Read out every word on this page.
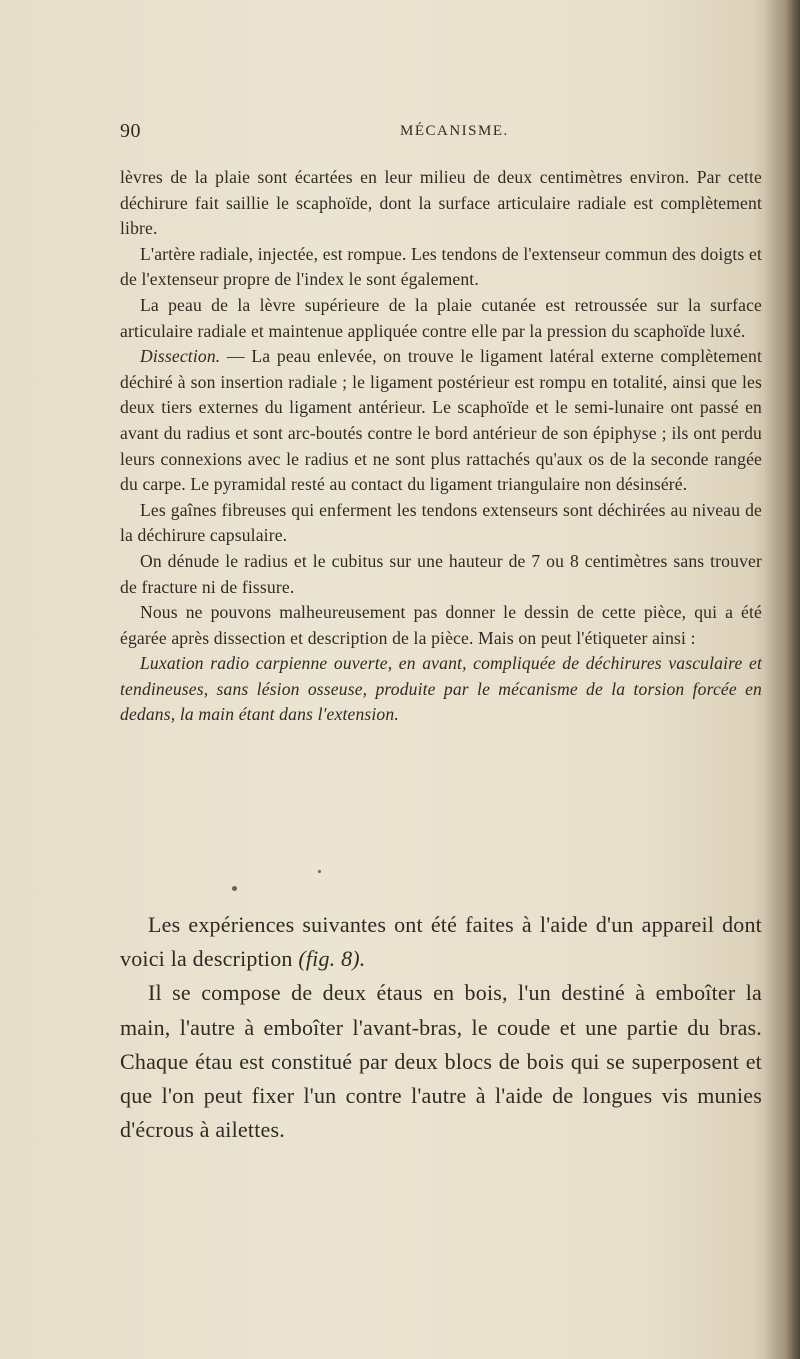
90	MÉCANISME.

lèvres de la plaie sont écartées en leur milieu de deux centimètres environ. Par cette déchirure fait saillie le scaphoïde, dont la surface articulaire radiale est complètement libre.

L'artère radiale, injectée, est rompue. Les tendons de l'extenseur commun des doigts et de l'extenseur propre de l'index le sont également.

La peau de la lèvre supérieure de la plaie cutanée est retroussée sur la surface articulaire radiale et maintenue appliquée contre elle par la pression du scaphoïde luxé.

Dissection. — La peau enlevée, on trouve le ligament latéral externe complètement déchiré à son insertion radiale ; le ligament postérieur est rompu en totalité, ainsi que les deux tiers externes du ligament antérieur. Le scaphoïde et le semi-lunaire ont passé en avant du radius et sont arc-boutés contre le bord antérieur de son épiphyse ; ils ont perdu leurs connexions avec le radius et ne sont plus rattachés qu'aux os de la seconde rangée du carpe. Le pyramidal resté au contact du ligament triangulaire non désinséré.

Les gaînes fibreuses qui enferment les tendons extenseurs sont déchirées au niveau de la déchirure capsulaire.

On dénude le radius et le cubitus sur une hauteur de 7 ou 8 centimètres sans trouver de fracture ni de fissure.

Nous ne pouvons malheureusement pas donner le dessin de cette pièce, qui a été égarée après dissection et description de la pièce. Mais on peut l'étiqueter ainsi :

Luxation radio carpienne ouverte, en avant, compliquée de déchirures vasculaire et tendineuses, sans lésion osseuse, produite par le mécanisme de la torsion forcée en dedans, la main étant dans l'extension.

Les expériences suivantes ont été faites à l'aide d'un appareil dont voici la description (fig. 8).

Il se compose de deux étaus en bois, l'un destiné à emboîter la main, l'autre à emboîter l'avant-bras, le coude et une partie du bras. Chaque étau est constitué par deux blocs de bois qui se superposent et que l'on peut fixer l'un contre l'autre à l'aide de longues vis munies d'écrous à ailettes.
